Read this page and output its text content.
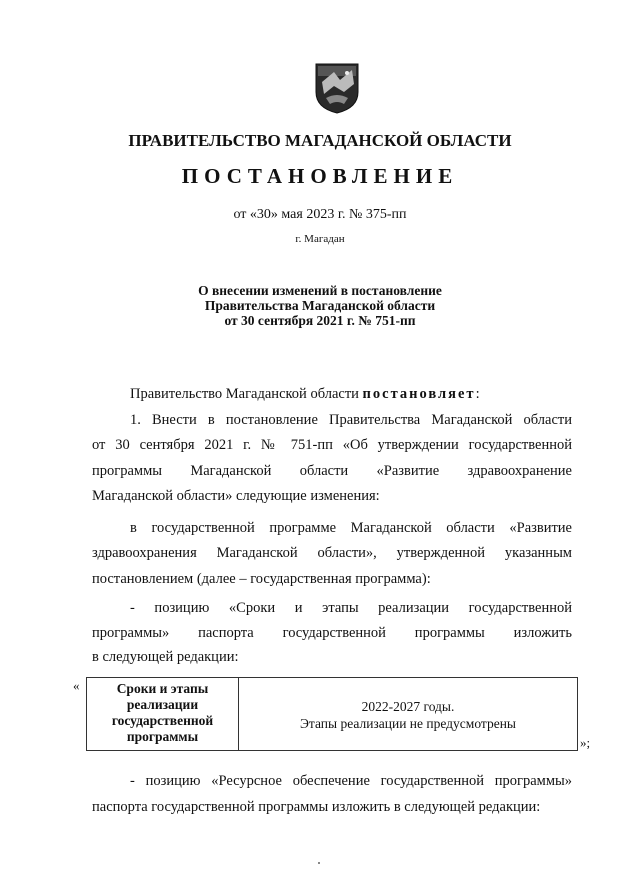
ПРАВИТЕЛЬСТВО МАГАДАНСКОЙ ОБЛАСТИ
ПОСТАНОВЛЕНИЕ
от «30» мая 2023 г. № 375-пп
г. Магадан
О внесении изменений в постановление
Правительства Магаданской области
от 30 сентября 2021 г. № 751-пп
Правительство Магаданской области постановляет:
1. Внести в постановление Правительства Магаданской области
от 30 сентября 2021 г. № 751-пп «Об утверждении государственной
программы Магаданской области «Развитие здравоохранение
Магаданской области» следующие изменения:
в государственной программе Магаданской области «Развитие
здравоохранения Магаданской области», утвержденной указанным
постановлением (далее – государственная программа):
- позицию «Сроки и этапы реализации государственной
программы» паспорта государственной программы изложить
в следующей редакции:
«	Сроки и этапы
реализации
государственной
программы
2022-2027 годы.
Этапы реализации не предусмотрены
»;
- позицию «Ресурсное обеспечение государственной программы»
паспорта государственной программы изложить в следующей редакции:
